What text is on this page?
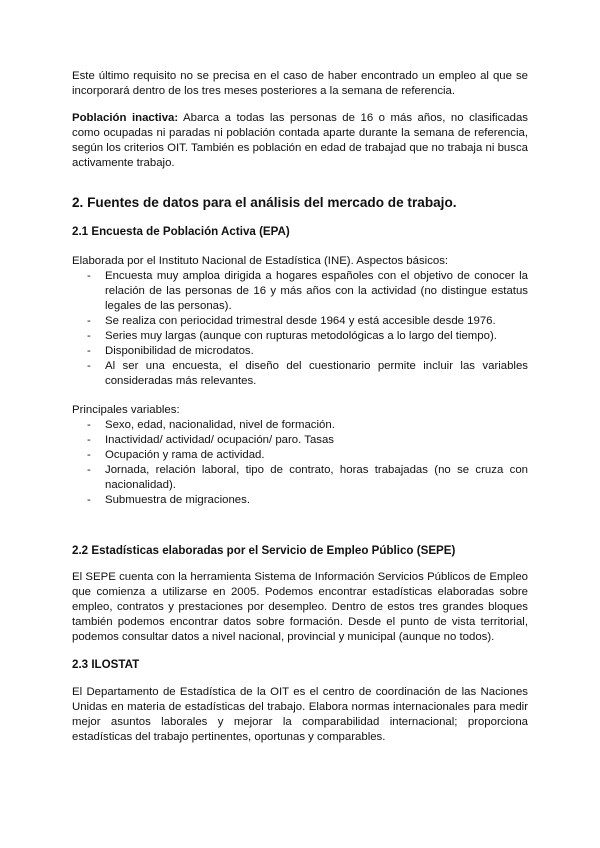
Este último requisito no se precisa en el caso de haber encontrado un empleo al que se incorporará dentro de los tres meses posteriores a la semana de referencia.

Población inactiva: Abarca a todas las personas de 16 o más años, no clasificadas como ocupadas ni paradas ni población contada aparte durante la semana de referencia, según los criterios OIT. También es población en edad de trabajad que no trabaja ni busca activamente trabajo.

2. Fuentes de datos para el análisis del mercado de trabajo.
2.1 Encuesta de Población Activa (EPA)

Elaborada por el Instituto Nacional de Estadística (INE). Aspectos básicos:

- Encuesta muy amploa dirigida a hogares españoles con el objetivo de conocer la relación de las personas de 16 y más años con la actividad (no distingue estatus legales de las personas).
- Se realiza con periocidad trimestral desde 1964 y está accesible desde 1976.
- Series muy largas (aunque con rupturas metodológicas a lo largo del tiempo).
- Disponibilidad de microdatos.
- Al ser una encuesta, el diseño del cuestionario permite incluir las variables consideradas más relevantes.

Principales variables:

- Sexo, edad, nacionalidad, nivel de formación.
- Inactividad/ actividad/ ocupación/ paro. Tasas
- Ocupación y rama de actividad.
- Jornada, relación laboral, tipo de contrato, horas trabajadas (no se cruza con nacionalidad).
- Submuestra de migraciones.
2.2 Estadísticas elaboradas por el Servicio de Empleo Público (SEPE)

El SEPE cuenta con la herramienta Sistema de Información Servicios Públicos de Empleo que comienza a utilizarse en 2005. Podemos encontrar estadísticas elaboradas sobre empleo, contratos y prestaciones por desempleo. Dentro de estos tres grandes bloques también podemos encontrar datos sobre formación. Desde el punto de vista territorial, podemos consultar datos a nivel nacional, provincial y municipal (aunque no todos).

2.3 ILOSTAT

El Departamento de Estadística de la OIT es el centro de coordinación de las Naciones Unidas en materia de estadísticas del trabajo. Elabora normas internacionales para medir mejor asuntos laborales y mejorar la comparabilidad internacional; proporciona estadísticas del trabajo pertinentes, oportunas y comparables.
